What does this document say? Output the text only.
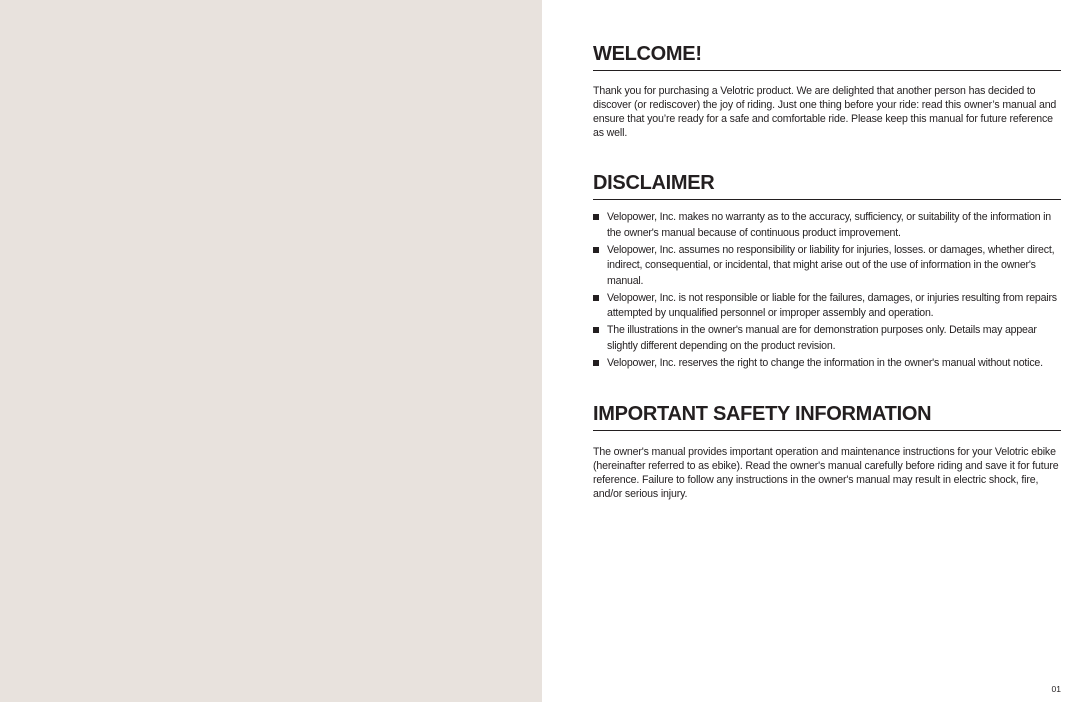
WELCOME!

Thank you for purchasing a Velotric product. We are delighted that another person has decided to discover (or rediscover) the joy of riding. Just one thing before your ride: read this owner’s manual and ensure that you’re ready for a safe and comfortable ride. Please keep this manual for future reference as well.

DISCLAIMER
Velopower, Inc. makes no warranty as to the accuracy, sufficiency, or suitability of the information in the owner's manual because of continuous product improvement.
Velopower, Inc. assumes no responsibility or liability for injuries, losses. or damages, whether direct, indirect, consequential, or incidental, that might arise out of the use of information in the owner's manual.
Velopower, Inc. is not responsible or liable for the failures, damages, or injuries resulting from repairs attempted by unqualified personnel or improper assembly and operation.
The illustrations in the owner's manual are for demonstration purposes only. Details may appear slightly different depending on the product revision.
Velopower, Inc. reserves the right to change the information in the owner's manual without notice.
IMPORTANT SAFETY INFORMATION

The owner's manual provides important operation and maintenance instructions for your Velotric ebike (hereinafter referred to as ebike). Read the owner's manual carefully before riding and save it for future reference. Failure to follow any instructions in the owner's manual may result in electric shock, fire, and/or serious injury.

01
